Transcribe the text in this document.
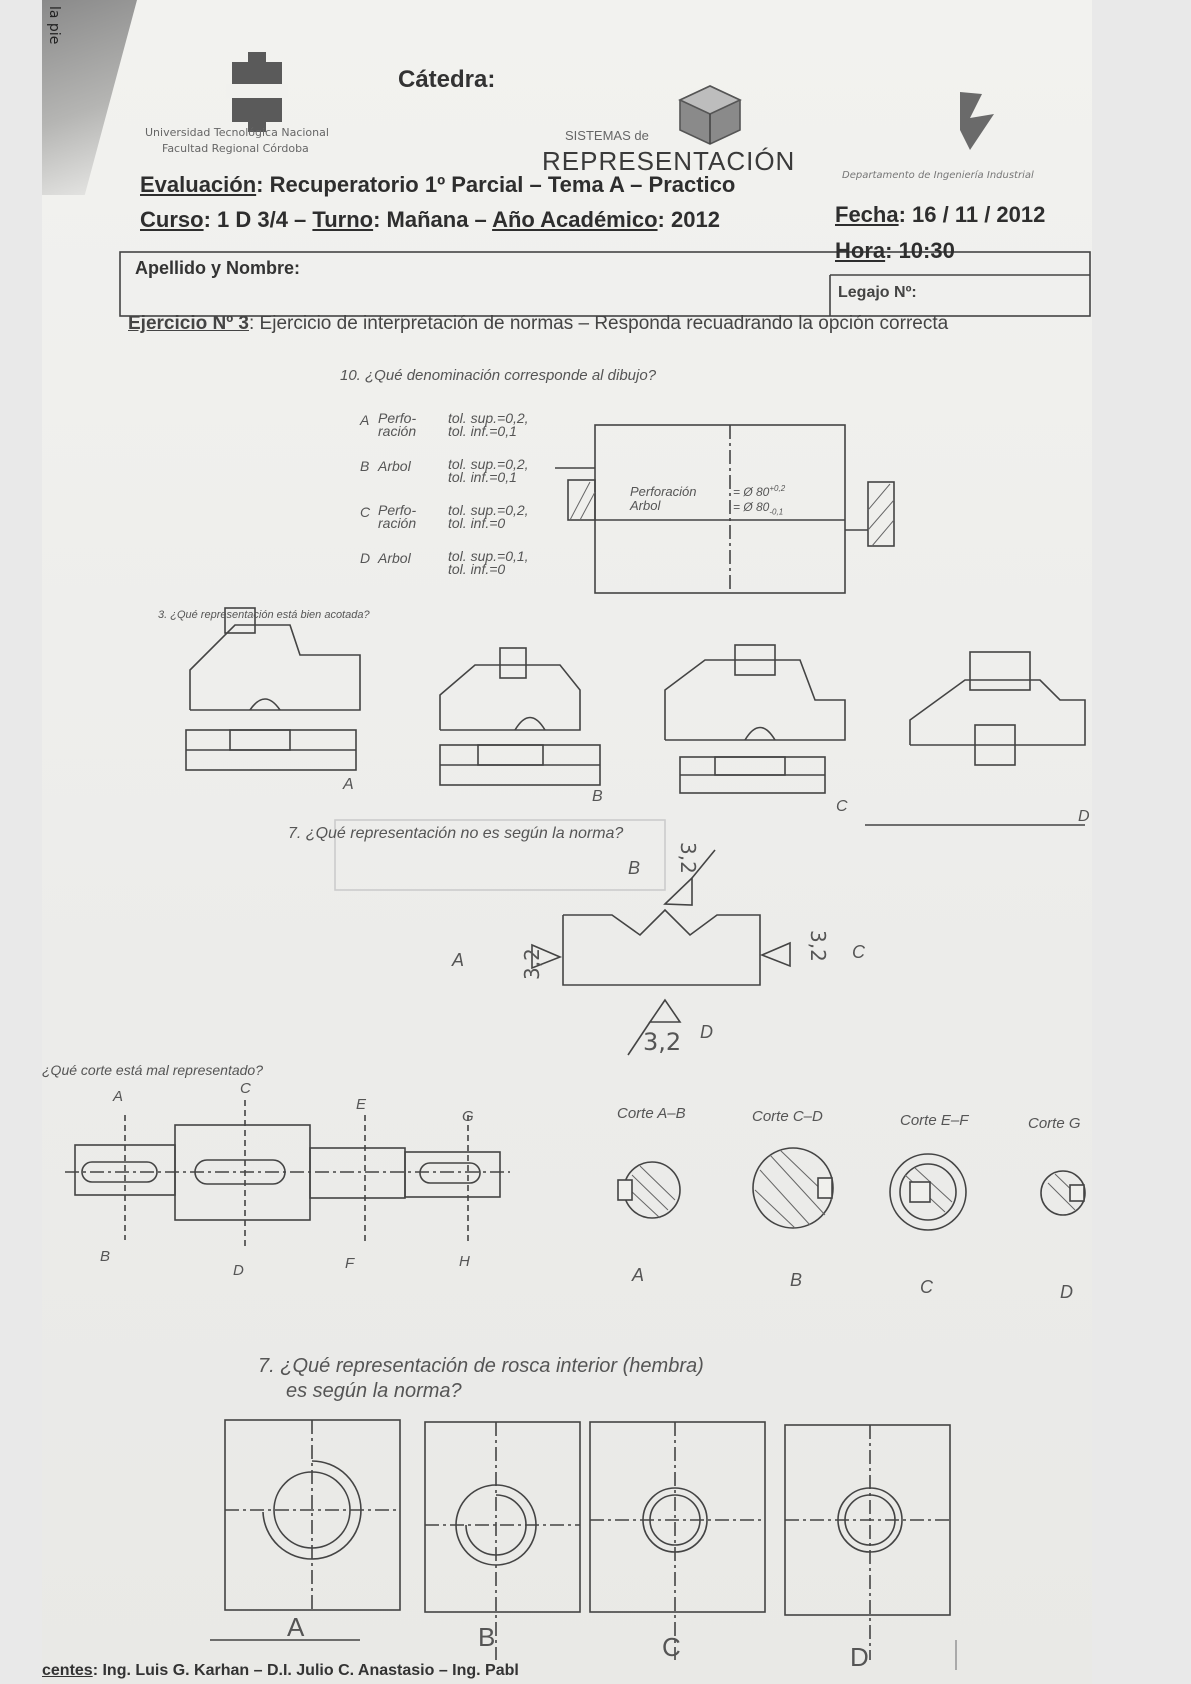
la pie
Cátedra:
Universidad Tecnológica Nacional
Facultad Regional Córdoba
SISTEMAS de
REPRESENTACIÓN	Departamento de Ingeniería Industrial
Evaluación: Recuperatorio 1º Parcial – Tema A – Practico
Fecha: 16 / 11 / 2012
Curso: 1 D 3/4 – Turno: Mañana – Año Académico: 2012
Hora: 10:30
Apellido y Nombre:
Legajo Nº:
Ejercicio Nº 3: Ejercicio de interpretación de normas – Responda recuadrando la opción correcta
10. ¿Qué denominación corresponde al dibujo?
A Perfo-
ración
tol. sup.=0,2,
tol. inf.=0,1
B Arbol	tol. sup.=0,2,
tol. inf.=0,1
C Perfo-
ración
tol. sup.=0,2,
tol. inf.=0
D Arbol	tol. sup.=0,1,
tol. inf.=0
Perforación
Arbol
= Ø $80^{+0,2}$
= Ø $80_{-0,1}$
3. ¿Qué representación está bien acotada?
A
B
C
D
7. ¿Qué representación no es según la norma?
B
A	C
D
3,2
3,2
3,2
3,2
¿Qué corte está mal representado?
A	C
E
G
B
D	F	H
Corte A–B	Corte C–D	Corte E–F	Corte G
A	B	C	D
7. ¿Qué representación de rosca interior (hembra)
es según la norma?
A	B	C	D
centes: Ing. Luis G. Karhan – D.I. Julio C. Anastasio – Ing. Pabl
